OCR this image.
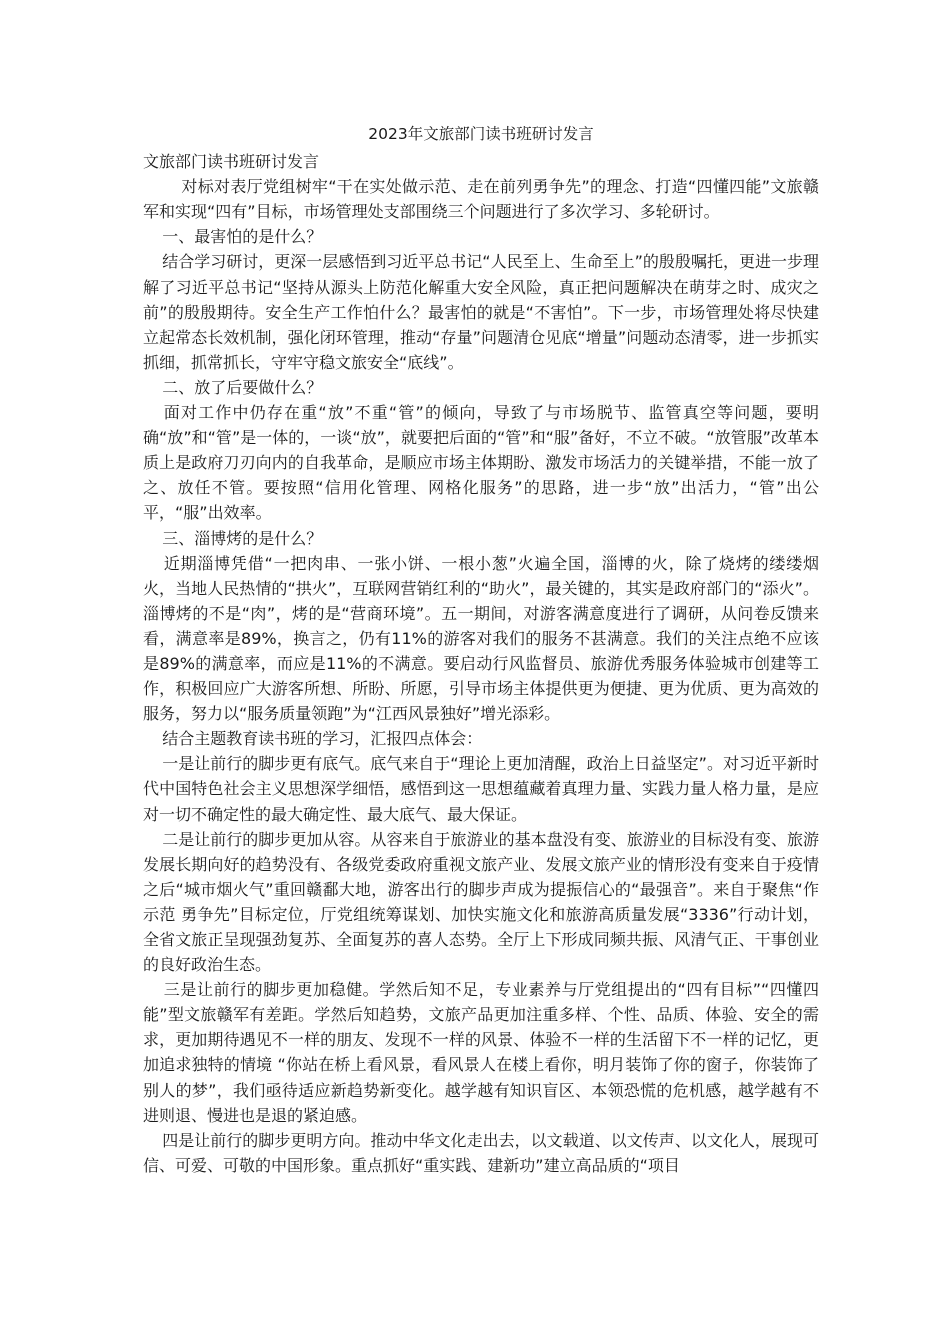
2023年文旅部门读书班研讨发言

文旅部门读书班研讨发言

对标对表厅党组树牢“干在实处做示范、走在前列勇争先”的理念、打造“四懂四能”文旅赣军和实现“四有”目标，市场管理处支部围绕三个问题进行了多次学习、多轮研讨。

一、最害怕的是什么？

结合学习研讨，更深一层感悟到习近平总书记“人民至上、生命至上”的殷殷嘱托，更进一步理解了习近平总书记“坚持从源头上防范化解重大安全风险，真正把问题解决在萌芽之时、成灾之前”的殷殷期待。安全生产工作怕什么？最害怕的就是“不害怕”。下一步，市场管理处将尽快建立起常态长效机制，强化闭环管理，推动“存量”问题清仓见底“增量”问题动态清零，进一步抓实抓细，抓常抓长，守牢守稳文旅安全“底线”。

二、放了后要做什么？

面对工作中仍存在重“放”不重“管”的倾向，导致了与市场脱节、监管真空等问题，要明确“放”和“管”是一体的，一谈“放”，就要把后面的“管”和“服”备好，不立不破。“放管服”改革本质上是政府刀刃向内的自我革命，是顺应市场主体期盼、激发市场活力的关键举措，不能一放了之、放任不管。要按照“信用化管理、网格化服务”的思路，进一步“放”出活力，“管”出公平，“服”出效率。

三、淄博烤的是什么？

近期淄博凭借“一把肉串、一张小饼、一根小葱”火遍全国，淄博的火，除了烧烤的缕缕烟火，当地人民热情的“拱火”，互联网营销红利的“助火”，最关键的，其实是政府部门的“添火”。淄博烤的不是“肉”，烤的是“营商环境”。五一期间，对游客满意度进行了调研，从问卷反馈来看，满意率是89%，换言之，仍有11%的游客对我们的服务不甚满意。我们的关注点绝不应该是89%的满意率，而应是11%的不满意。要启动行风监督员、旅游优秀服务体验城市创建等工作，积极回应广大游客所想、所盼、所愿，引导市场主体提供更为便捷、更为优质、更为高效的服务，努力以“服务质量领跑”为“江西风景独好”增光添彩。

结合主题教育读书班的学习，汇报四点体会：

一是让前行的脚步更有底气。底气来自于“理论上更加清醒，政治上日益坚定”。对习近平新时代中国特色社会主义思想深学细悟，感悟到这一思想蕴藏着真理力量、实践力量人格力量，是应对一切不确定性的最大确定性、最大底气、最大保证。

二是让前行的脚步更加从容。从容来自于旅游业的基本盘没有变、旅游业的目标没有变、旅游发展长期向好的趋势没有、各级党委政府重视文旅产业、发展文旅产业的情形没有变来自于疫情之后“城市烟火气”重回赣鄱大地，游客出行的脚步声成为提振信心的“最强音”。来自于聚焦“作示范 勇争先”目标定位，厅党组统筹谋划、加快实施文化和旅游高质量发展“3336”行动计划，全省文旅正呈现强劲复苏、全面复苏的喜人态势。全厅上下形成同频共振、风清气正、干事创业的良好政治生态。

三是让前行的脚步更加稳健。学然后知不足，专业素养与厅党组提出的“四有目标”“四懂四能”型文旅赣军有差距。学然后知趋势，文旅产品更加注重多样、个性、品质、体验、安全的需求，更加期待遇见不一样的朋友、发现不一样的风景、体验不一样的生活留下不一样的记忆，更加追求独特的情境 “你站在桥上看风景，看风景人在楼上看你，明月装饰了你的窗子，你装饰了别人的梦”，我们亟待适应新趋势新变化。越学越有知识盲区、本领恐慌的危机感，越学越有不进则退、慢进也是退的紧迫感。

四是让前行的脚步更明方向。推动中华文化走出去，以文载道、以文传声、以文化人，展现可信、可爱、可敬的中国形象。重点抓好“重实践、建新功”建立高品质的“项目
